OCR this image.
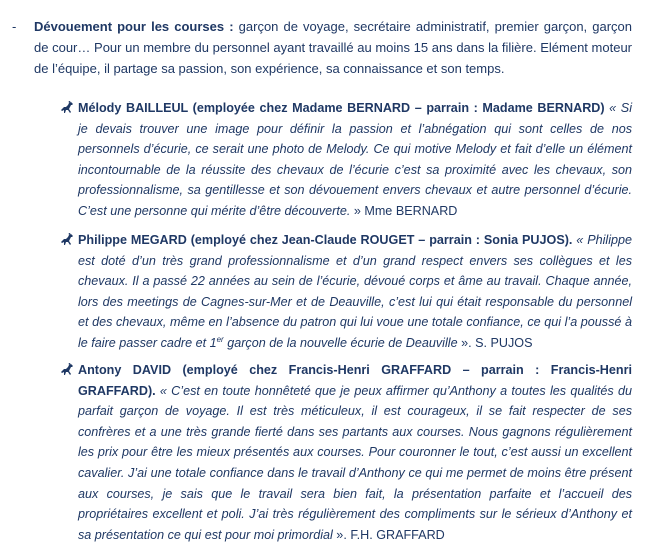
- Dévouement pour les courses : garçon de voyage, secrétaire administratif, premier garçon, garçon de cour… Pour un membre du personnel ayant travaillé au moins 15 ans dans la filière. Elément moteur de l’équipe, il partage sa passion, son expérience, sa connaissance et son temps.

Mélody BAILLEUL (employée chez Madame BERNARD – parrain : Madame BERNARD) « Si je devais trouver une image pour définir la passion et l’abnégation qui sont celles de nos personnels d’écurie, ce serait une photo de Melody. Ce qui motive Melody et fait d’elle un élément incontournable de la réussite des chevaux de l’écurie c’est sa proximité avec les chevaux, son professionnalisme, sa gentillesse et son dévouement envers chevaux et autre personnel d’écurie. C’est une personne qui mérite d’être découverte. » Mme BERNARD

Philippe MEGARD (employé chez Jean-Claude ROUGET – parrain : Sonia PUJOS). « Philippe est doté d’un très grand professionnalisme et d’un grand respect envers ses collègues et les chevaux. Il a passé 22 années au sein de l’écurie, dévoué corps et âme au travail. Chaque année, lors des meetings de Cagnes-sur-Mer et de Deauville, c’est lui qui était responsable du personnel et des chevaux, même en l’absence du patron qui lui voue une totale confiance, ce qui l’a poussé à le faire passer cadre et 1er garçon de la nouvelle écurie de Deauville ». S. PUJOS

Antony DAVID (employé chez Francis-Henri GRAFFARD – parrain : Francis-Henri GRAFFARD). « C’est en toute honnêteté que je peux affirmer qu’Anthony a toutes les qualités du parfait garçon de voyage. Il est très méticuleux, il est courageux, il se fait respecter de ses confrères et a une très grande fierté dans ses partants aux courses. Nous gagnons régulièrement les prix pour être les mieux présentés aux courses. Pour couronner le tout, c’est aussi un excellent cavalier. J’ai une totale confiance dans le travail d’Anthony ce qui me permet de moins être présent aux courses, je sais que le travail sera bien fait, la présentation parfaite et l’accueil des propriétaires excellent et poli. J’ai très régulièrement des compliments sur le sérieux d’Anthony et sa présentation ce qui est pour moi primordial ». F.H. GRAFFARD
